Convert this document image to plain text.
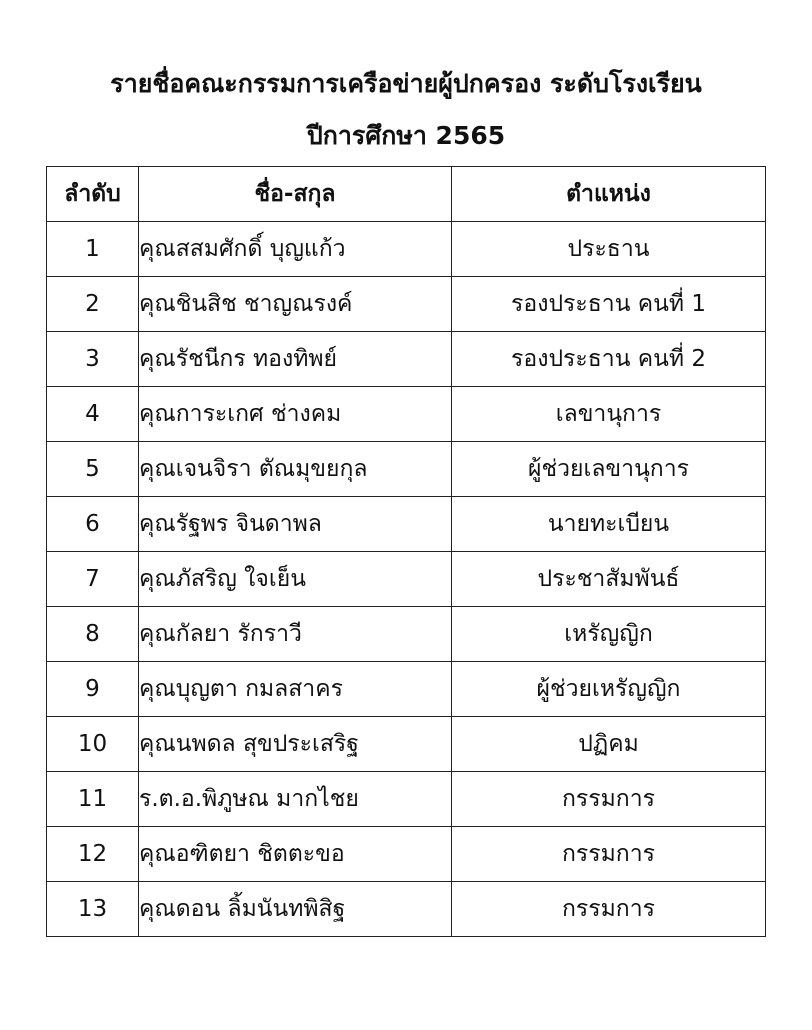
รายชื่อคณะกรรมการเครือข่ายผู้ปกครอง ระดับโรงเรียน
ปีการศึกษา 2565
ลำดับ	ชื่อ-สกุล	ตำแหน่ง
1	คุณสสมศักดิ์ บุญแก้ว	ประธาน
2	คุณชินสิช ชาญณรงค์	รองประธาน คนที่ 1
3	คุณรัชนีกร ทองทิพย์	รองประธาน คนที่ 2
4	คุณการะเกศ ช่างคม	เลขานุการ
5	คุณเจนจิรา ตัณมุขยกุล	ผู้ช่วยเลขานุการ
6	คุณรัฐพร จินดาพล	นายทะเบียน
7	คุณภัสริญ ใจเย็น	ประชาสัมพันธ์
8	คุณกัลยา รักราวี	เหรัญญิก
9	คุณบุญตา กมลสาคร	ผู้ช่วยเหรัญญิก
10	คุณนพดล สุขประเสริฐ	ปฏิคม
11	ร.ต.อ.พิภูษณ มากไชย	กรรมการ
12	คุณอฑิตยา ชิตตะขอ	กรรมการ
13	คุณดอน ลิ้มนันทพิสิฐ	กรรมการ
